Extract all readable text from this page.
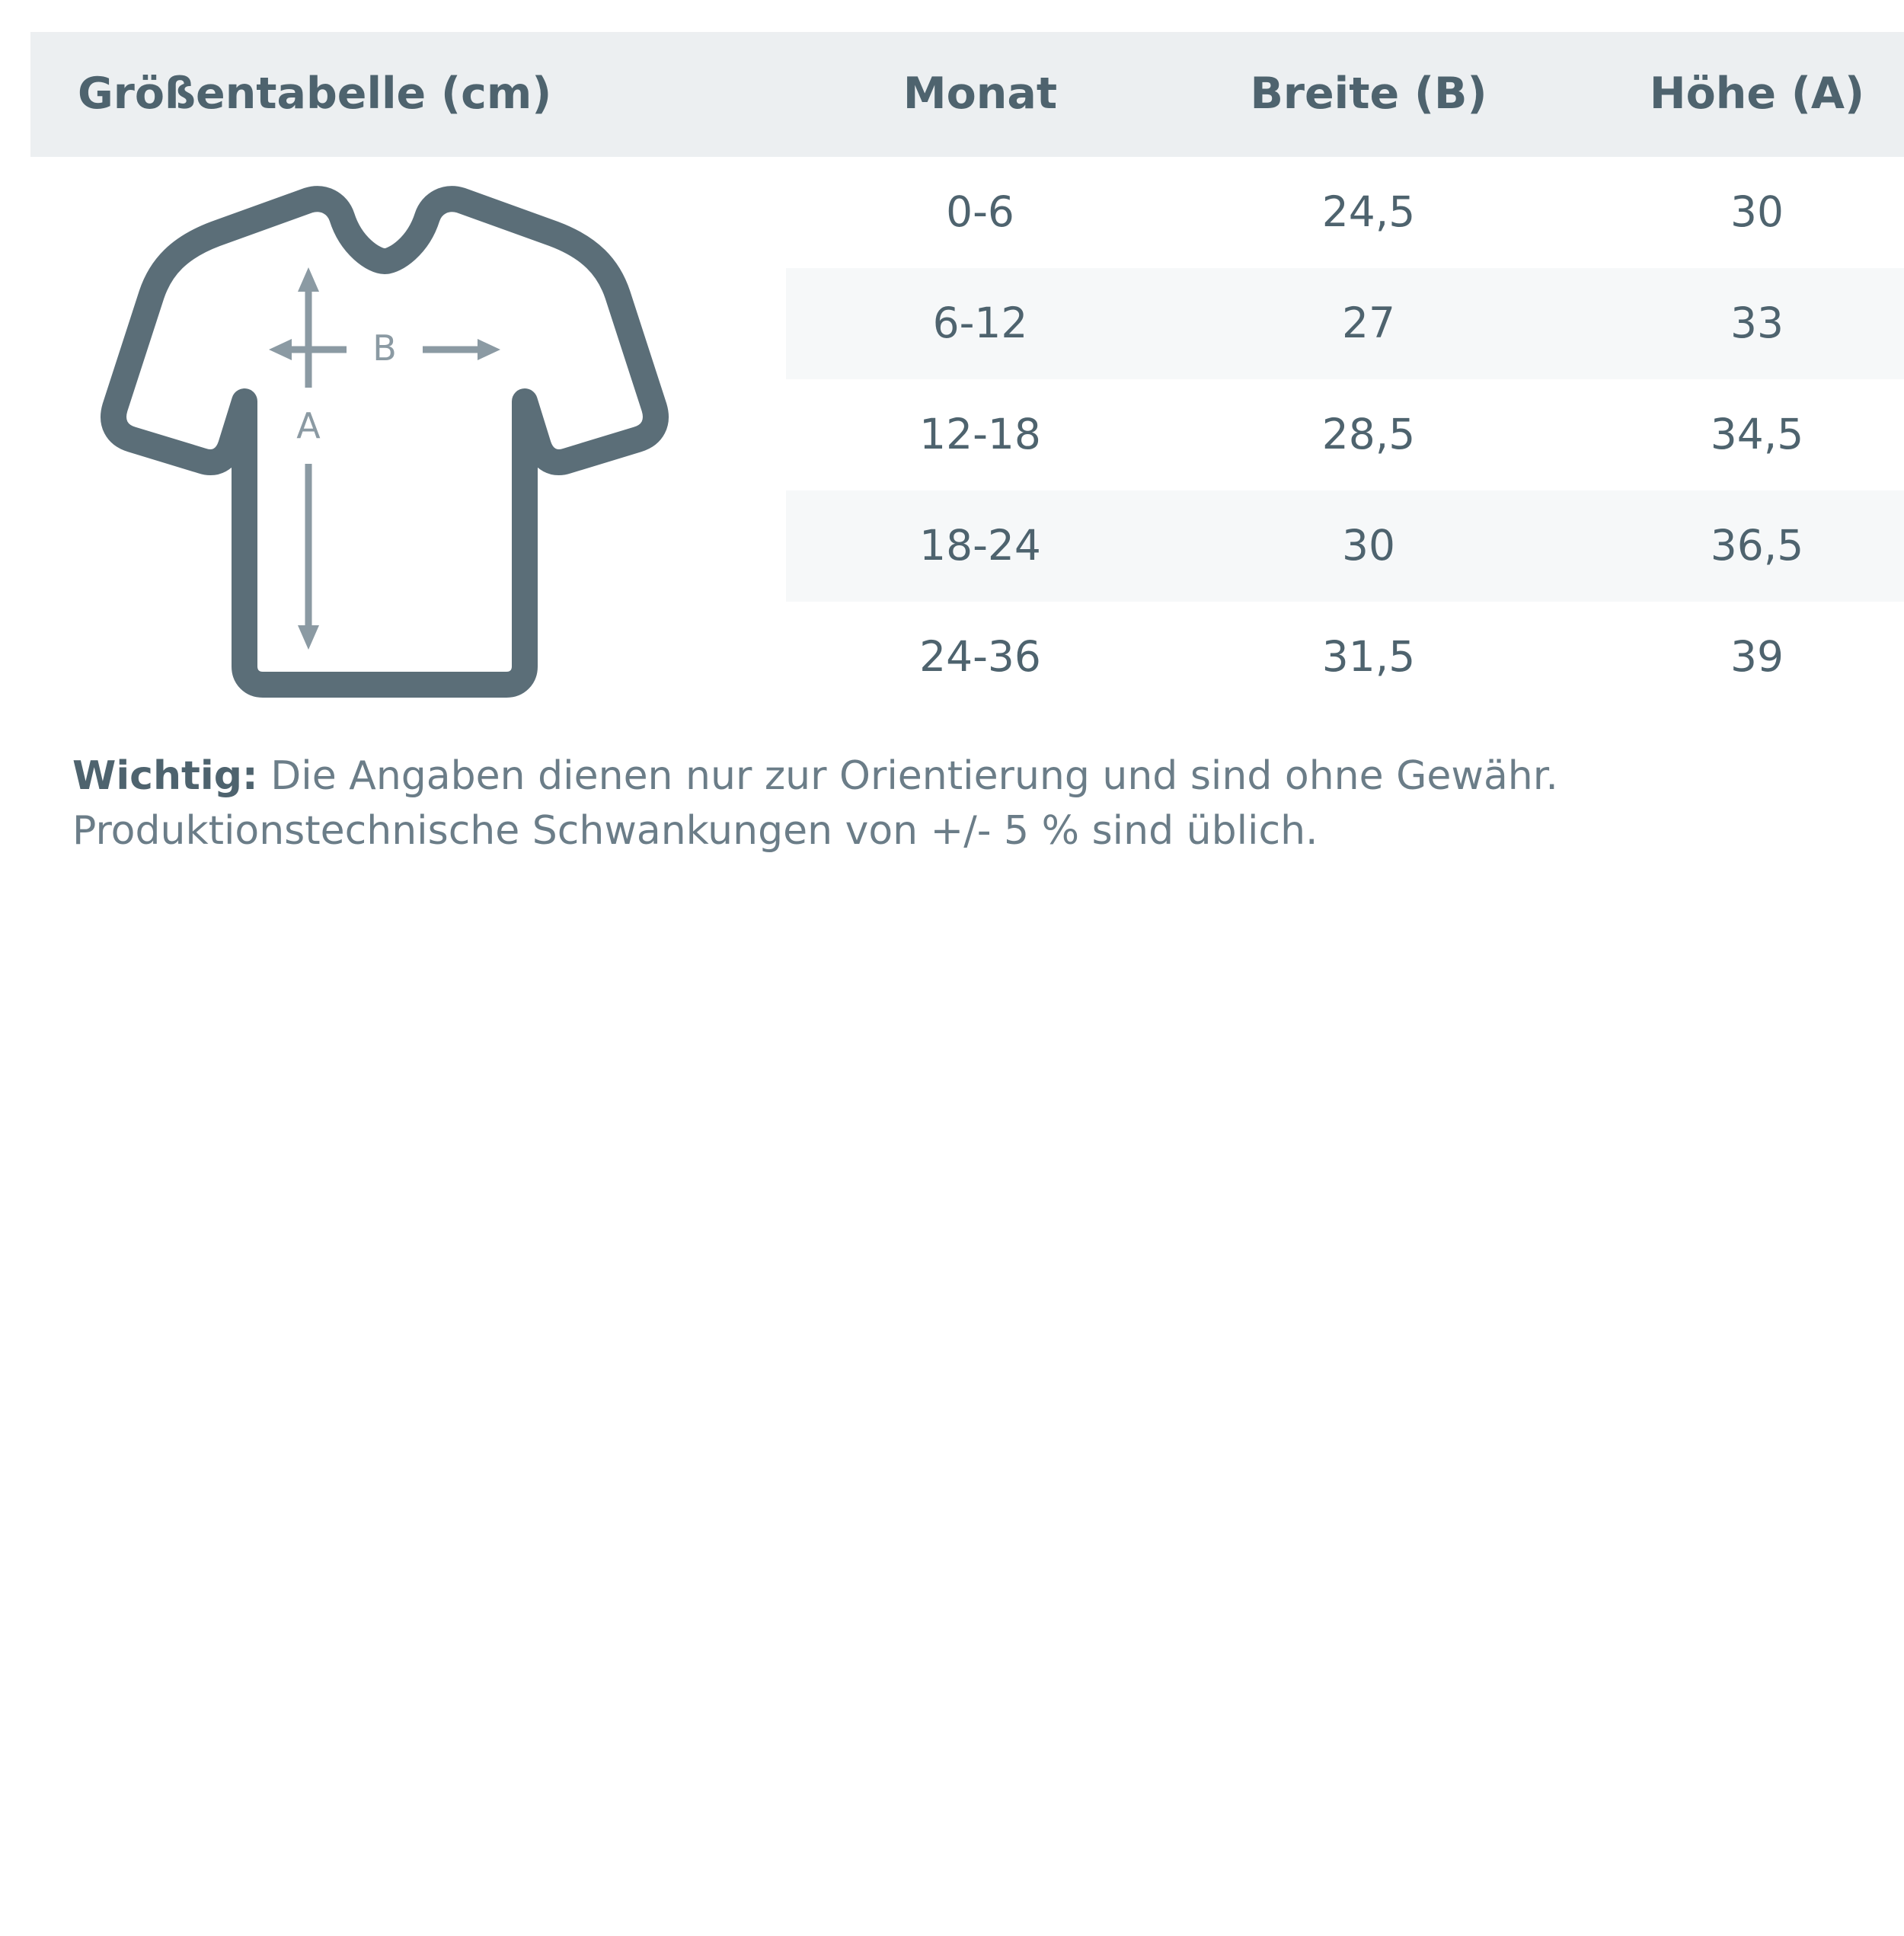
Größentabelle (cm)	Monat	Breite (B)	Höhe (A)

B
A	0-6	24,5	30
	6-12	27	33
	12-18	28,5	34,5
	18-24	30	36,5
	24-36	31,5	39

Wichtig: Die Angaben dienen nur zur Orientierung und sind ohne Gewähr. Produktionstechnische Schwankungen von +/- 5 % sind üblich.
